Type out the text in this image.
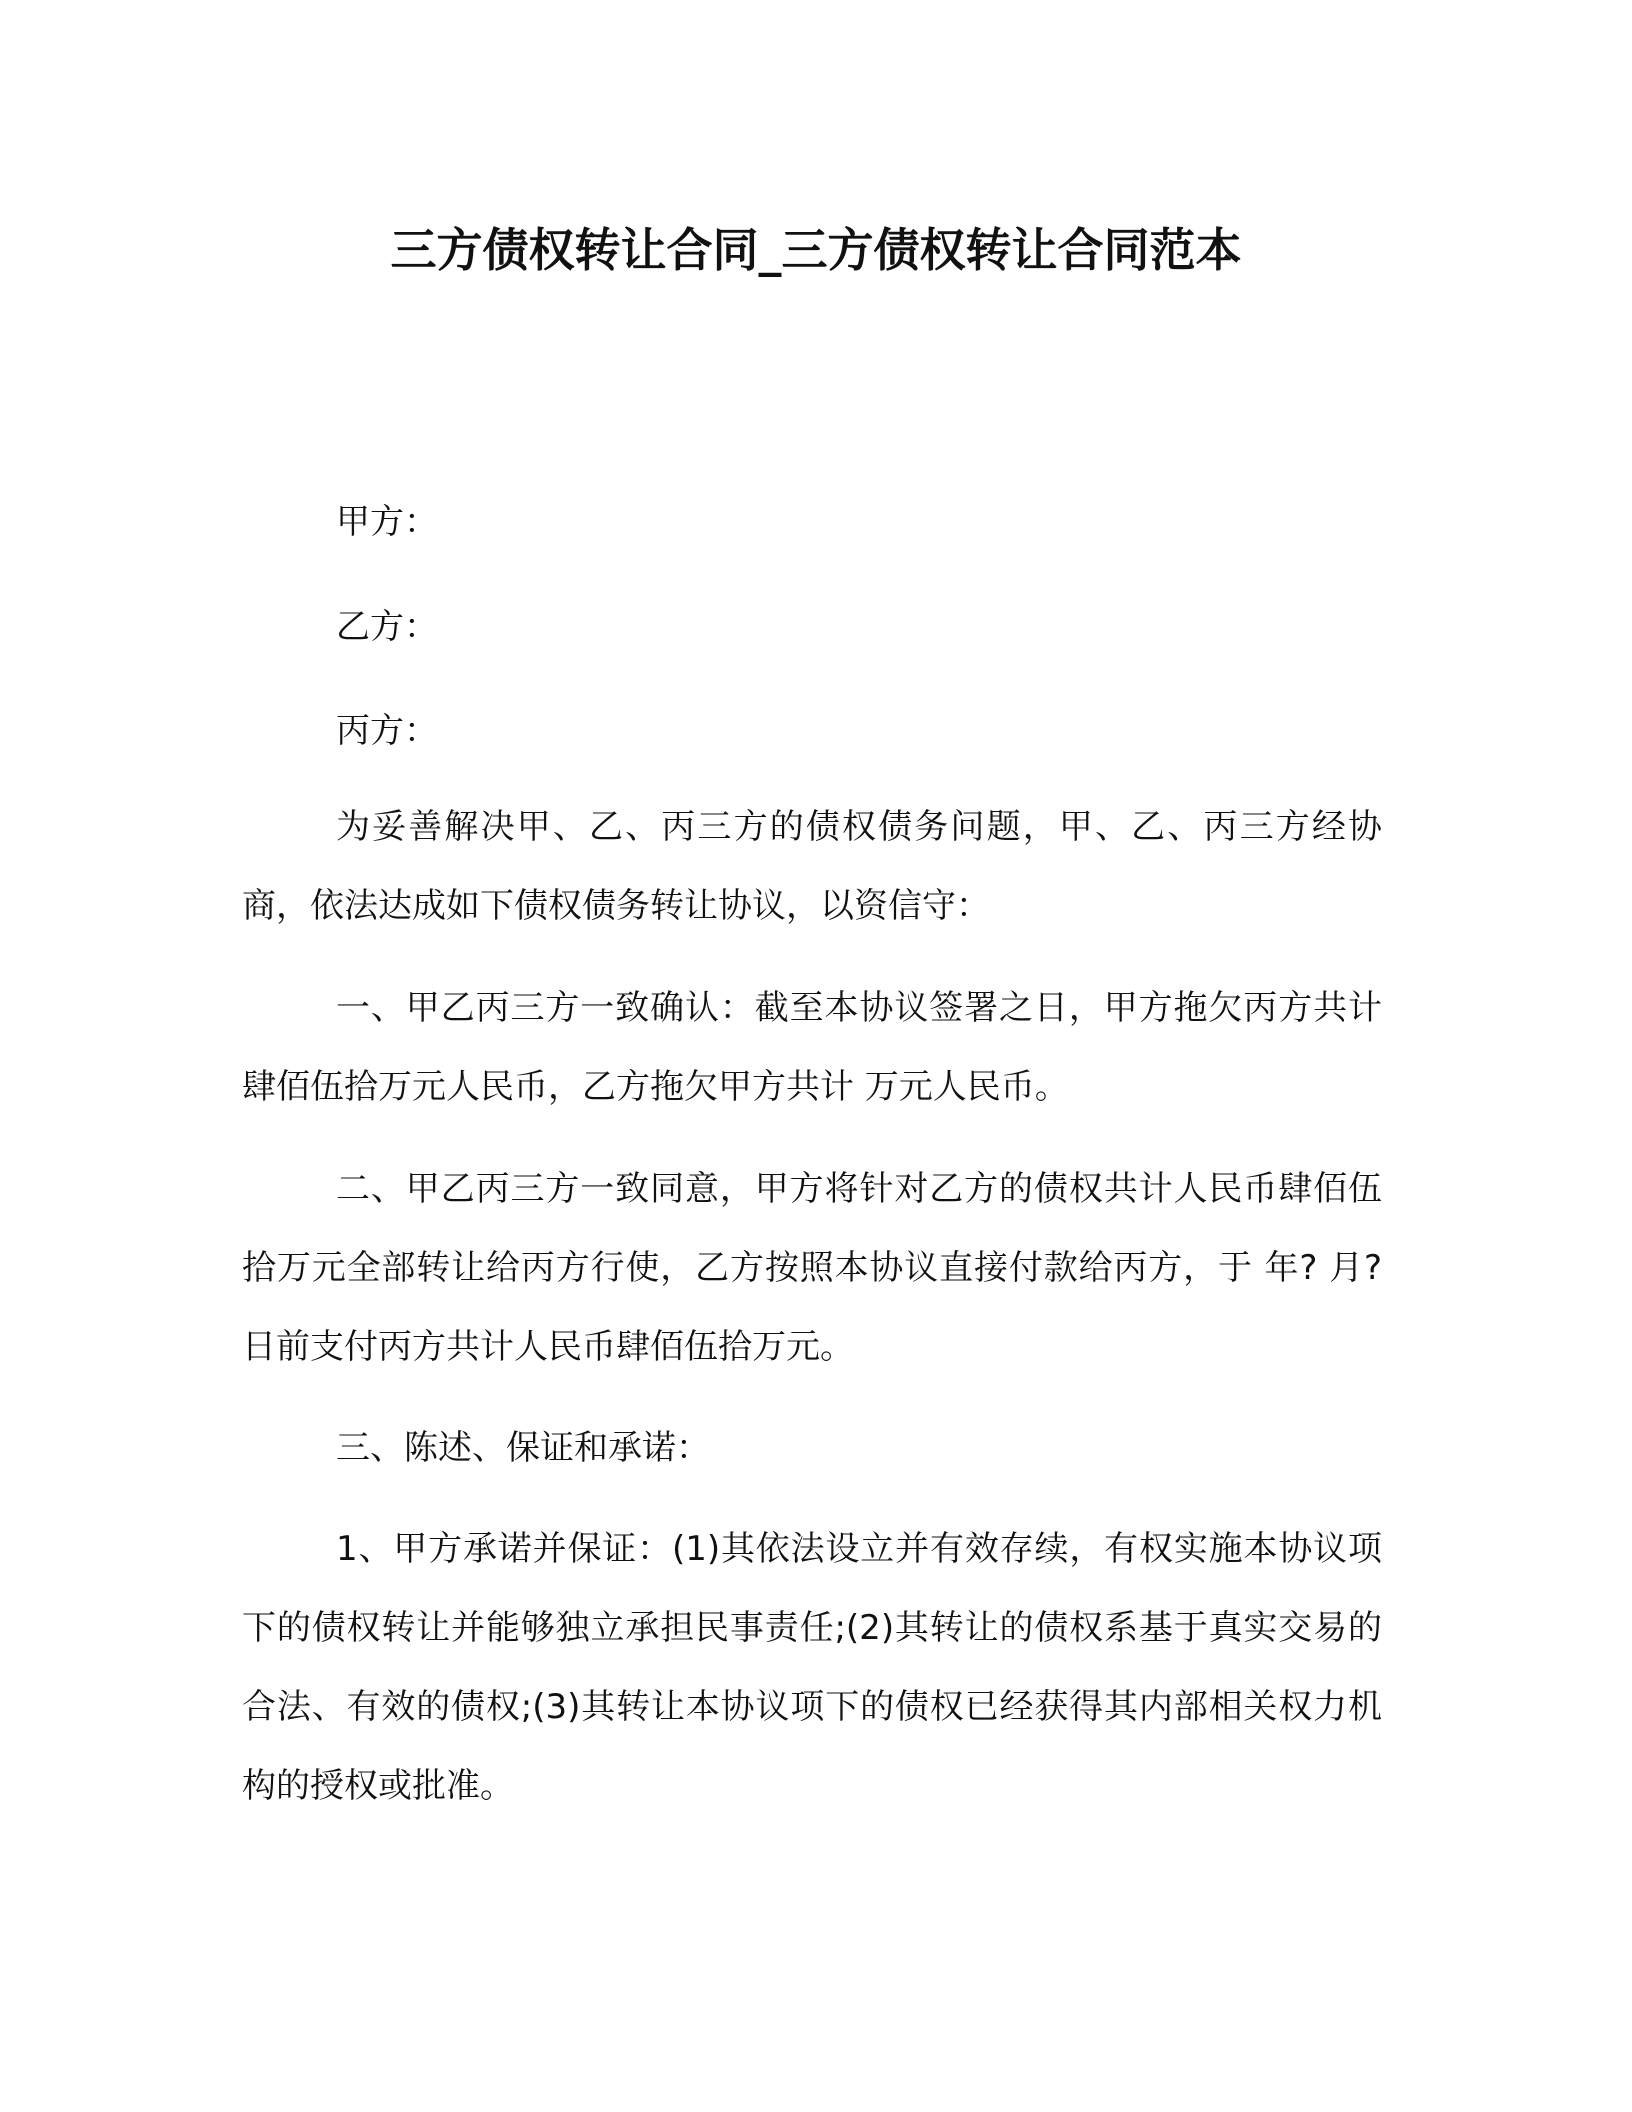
三方债权转让合同_三方债权转让合同范本
甲方：
乙方：
丙方：

为妥善解决甲、乙、丙三方的债权债务问题，甲、乙、丙三方经协商，依法达成如下债权债务转让协议，以资信守：

一、甲乙丙三方一致确认：截至本协议签署之日，甲方拖欠丙方共计肆佰伍拾万元人民币，乙方拖欠甲方共计 万元人民币。

二、甲乙丙三方一致同意，甲方将针对乙方的债权共计人民币肆佰伍拾万元全部转让给丙方行使，乙方按照本协议直接付款给丙方，于 年? 月? 日前支付丙方共计人民币肆佰伍拾万元。

三、陈述、保证和承诺：

1、甲方承诺并保证：(1)其依法设立并有效存续，有权实施本协议项下的债权转让并能够独立承担民事责任;(2)其转让的债权系基于真实交易的合法、有效的债权;(3)其转让本协议项下的债权已经获得其内部相关权力机构的授权或批准。
